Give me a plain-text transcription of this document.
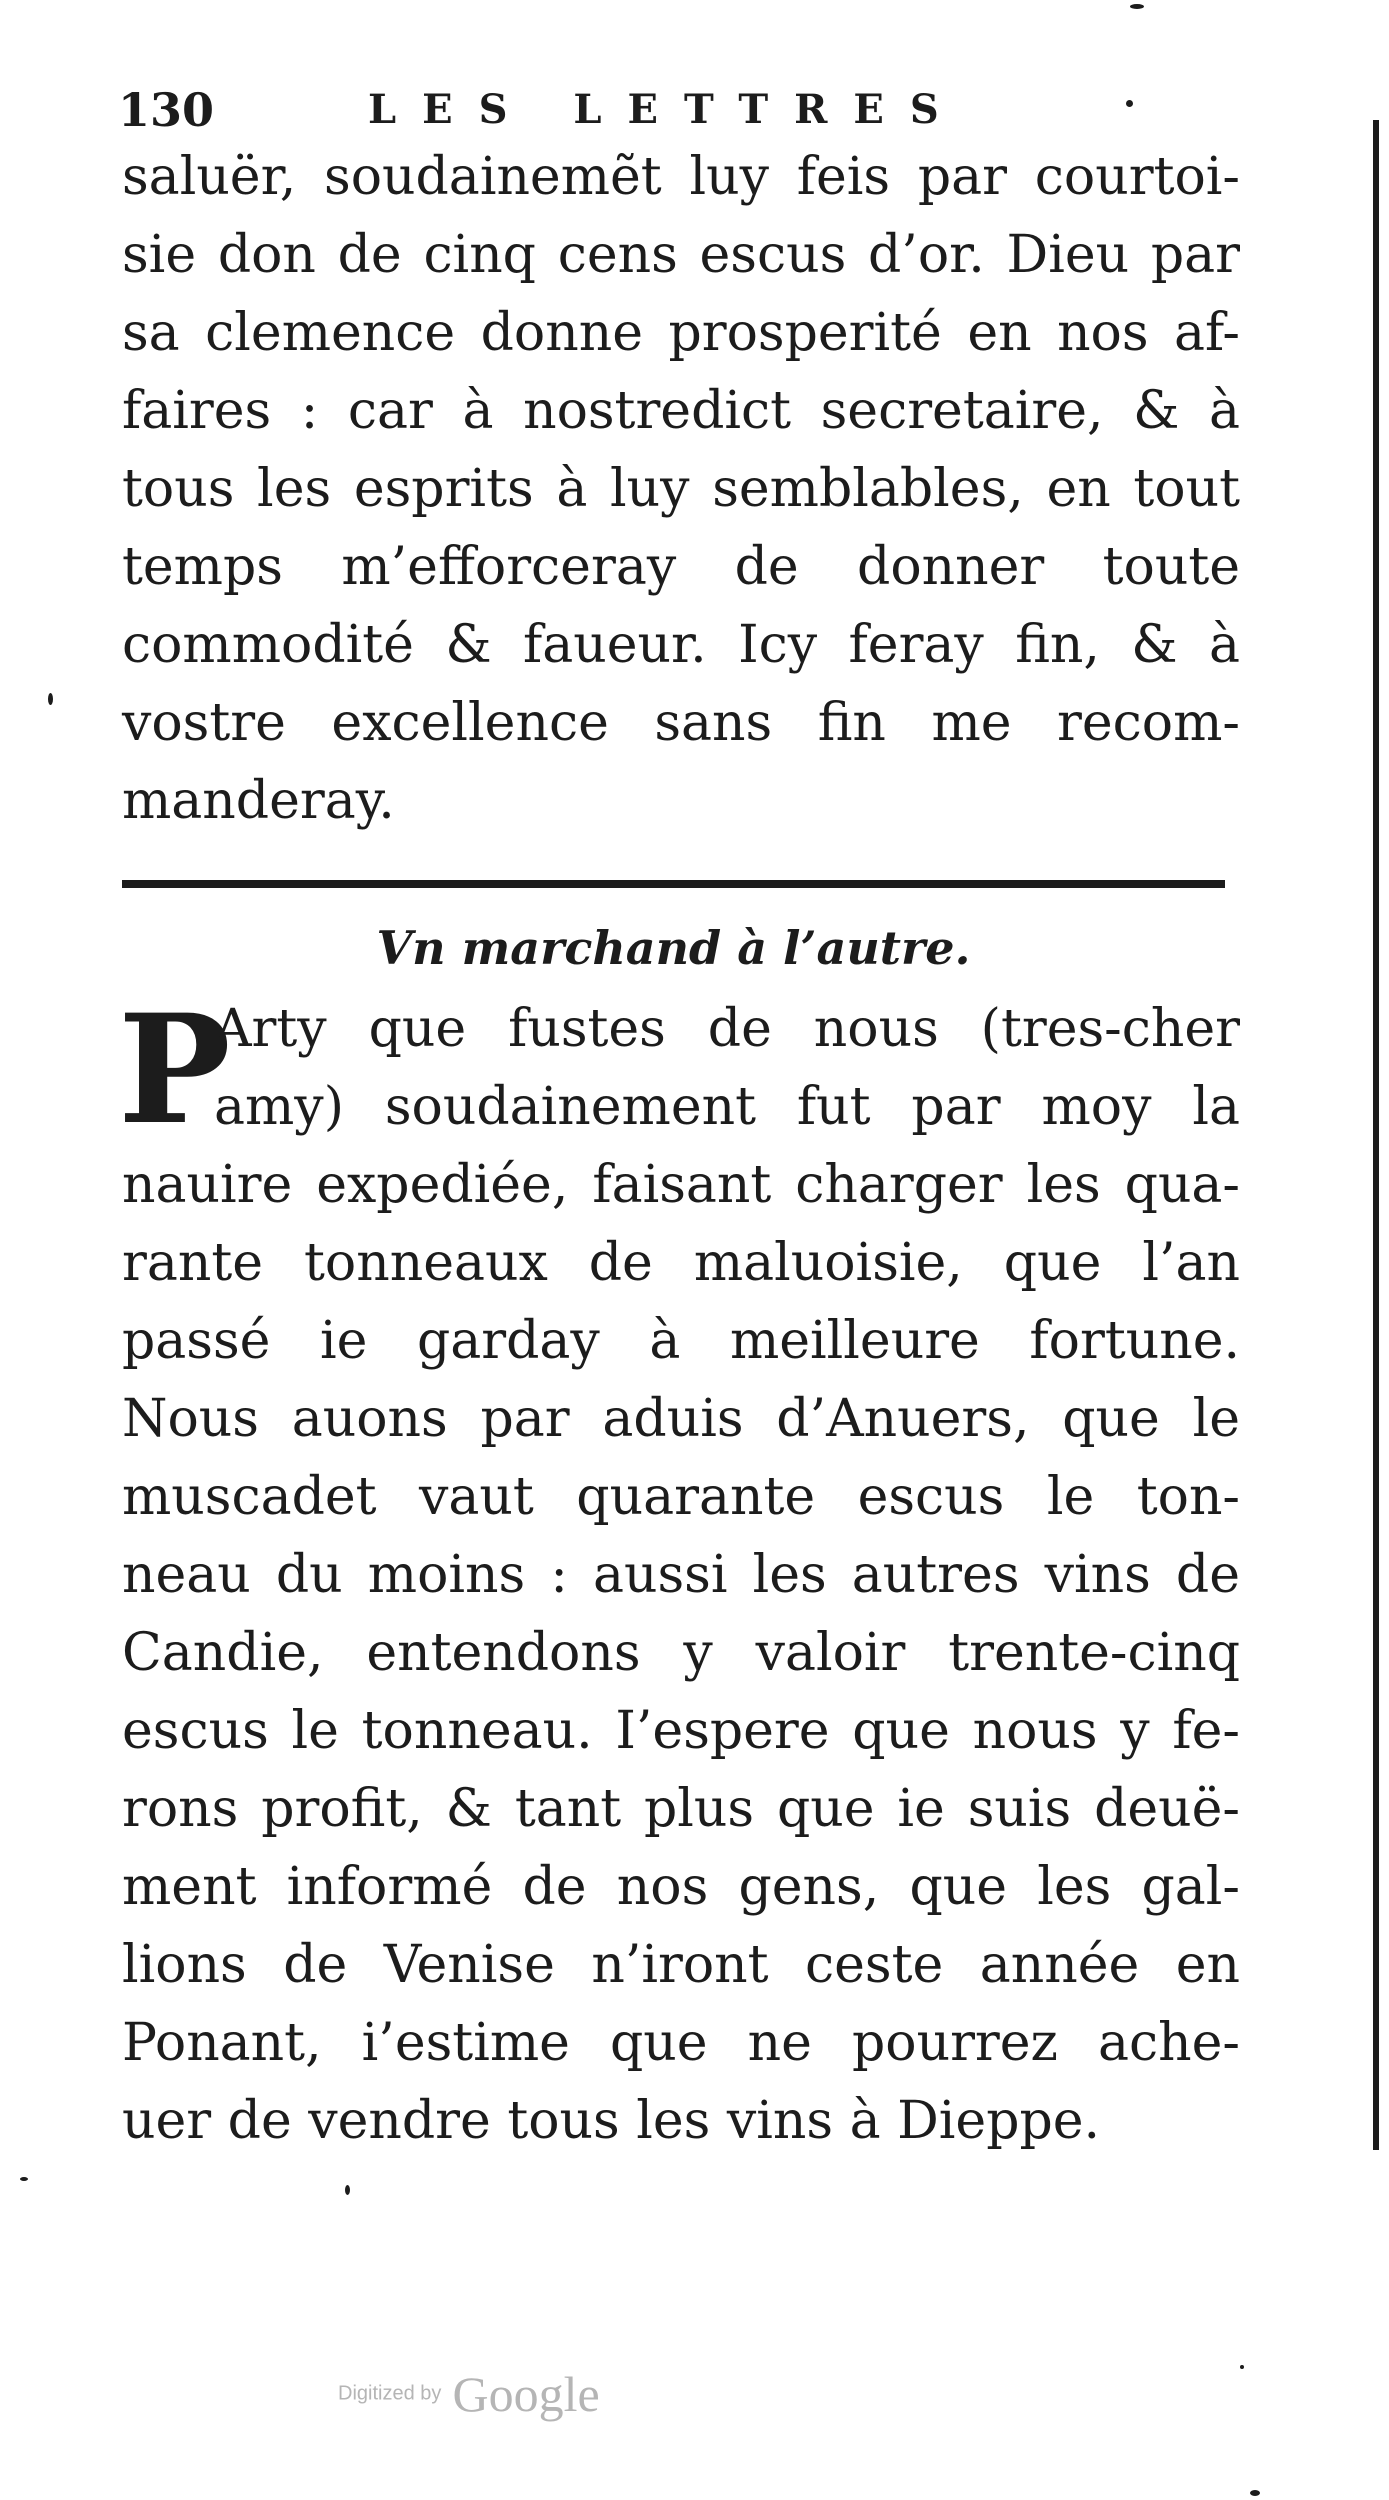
130	LES LETTRES
saluër, soudainemẽt luy feis par courtoi-
sie don de cinq cens escus d’or. Dieu par
sa clemence donne prosperité en nos af-
faires : car à nostredict secretaire, & à
tous les esprits à luy semblables, en tout
temps m’efforceray de donner toute
commodité & faueur. Icy feray fin, & à
vostre excellence sans fin me recom-
manderay.
Vn marchand à l’autre.
P
Arty que fustes de nous (tres-cher
amy) soudainement fut par moy la
nauire expediée, faisant charger les qua-
rante tonneaux de maluoisie, que l’an
passé ie garday à meilleure fortune.
Nous auons par aduis d’Anuers, que le
muscadet vaut quarante escus le ton-
neau du moins : aussi les autres vins de
Candie, entendons y valoir trente-cinq
escus le tonneau. I’espere que nous y fe-
rons profit, & tant plus que ie suis deuë-
ment informé de nos gens, que les gal-
lions de Venise n’iront ceste année en
Ponant, i’estime que ne pourrez ache-
uer de vendre tous les vins à Dieppe.
Digitized by Google
